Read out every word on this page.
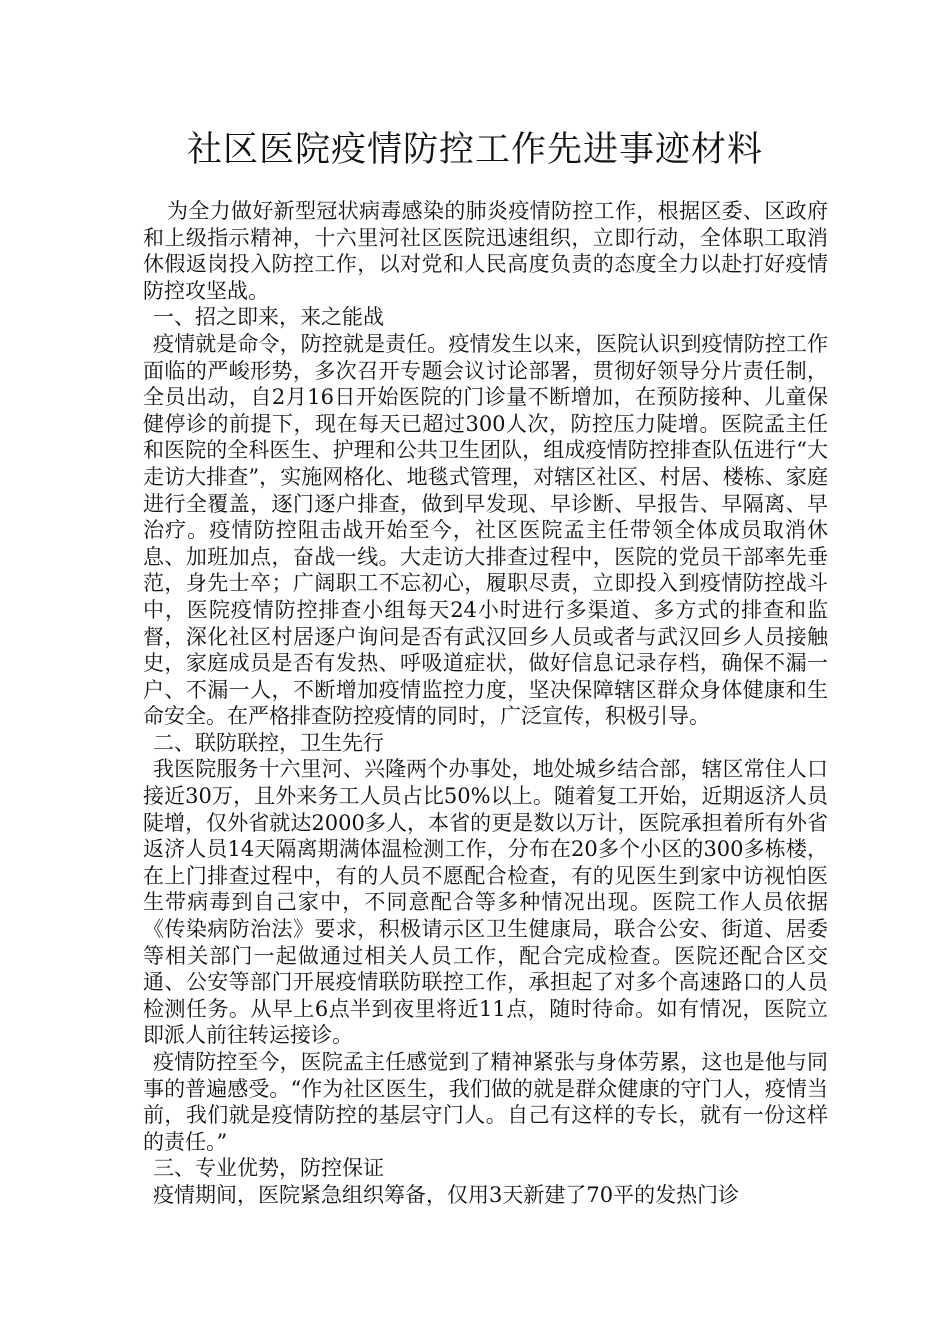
社区医院疫情防控工作先进事迹材料

为全力做好新型冠状病毒感染的肺炎疫情防控工作，根据区委、区政府和上级指示精神，十六里河社区医院迅速组织，立即行动，全体职工取消休假返岗投入防控工作，以对党和人民高度负责的态度全力以赴打好疫情防控攻坚战。

一、招之即来，来之能战

疫情就是命令，防控就是责任。疫情发生以来，医院认识到疫情防控工作面临的严峻形势，多次召开专题会议讨论部署，贯彻好领导分片责任制，全员出动，自2月16日开始医院的门诊量不断增加，在预防接种、儿童保健停诊的前提下，现在每天已超过300人次，防控压力陡增。医院孟主任和医院的全科医生、护理和公共卫生团队，组成疫情防控排查队伍进行“大走访大排查”，实施网格化、地毯式管理，对辖区社区、村居、楼栋、家庭进行全覆盖，逐门逐户排查，做到早发现、早诊断、早报告、早隔离、早治疗。疫情防控阻击战开始至今，社区医院孟主任带领全体成员取消休息、加班加点，奋战一线。大走访大排查过程中，医院的党员干部率先垂范，身先士卒；广阔职工不忘初心，履职尽责，立即投入到疫情防控战斗中，医院疫情防控排查小组每天24小时进行多渠道、多方式的排查和监督，深化社区村居逐户询问是否有武汉回乡人员或者与武汉回乡人员接触史，家庭成员是否有发热、呼吸道症状，做好信息记录存档，确保不漏一户、不漏一人，不断增加疫情监控力度，坚决保障辖区群众身体健康和生命安全。在严格排查防控疫情的同时，广泛宣传，积极引导。

二、联防联控，卫生先行

我医院服务十六里河、兴隆两个办事处，地处城乡结合部，辖区常住人口接近30万，且外来务工人员占比50%以上。随着复工开始，近期返济人员陡增，仅外省就达2000多人，本省的更是数以万计，医院承担着所有外省返济人员14天隔离期满体温检测工作，分布在20多个小区的300多栋楼，在上门排查过程中，有的人员不愿配合检查，有的见医生到家中访视怕医生带病毒到自己家中，不同意配合等多种情况出现。医院工作人员依据《传染病防治法》要求，积极请示区卫生健康局，联合公安、街道、居委等相关部门一起做通过相关人员工作，配合完成检查。医院还配合区交通、公安等部门开展疫情联防联控工作，承担起了对多个高速路口的人员检测任务。从早上6点半到夜里将近11点，随时待命。如有情况，医院立即派人前往转运接诊。

疫情防控至今，医院孟主任感觉到了精神紧张与身体劳累，这也是他与同事的普遍感受。“作为社区医生，我们做的就是群众健康的守门人，疫情当前，我们就是疫情防控的基层守门人。自己有这样的专长，就有一份这样的责任。”

三、专业优势，防控保证

疫情期间，医院紧急组织筹备，仅用3天新建了70平的发热门诊
